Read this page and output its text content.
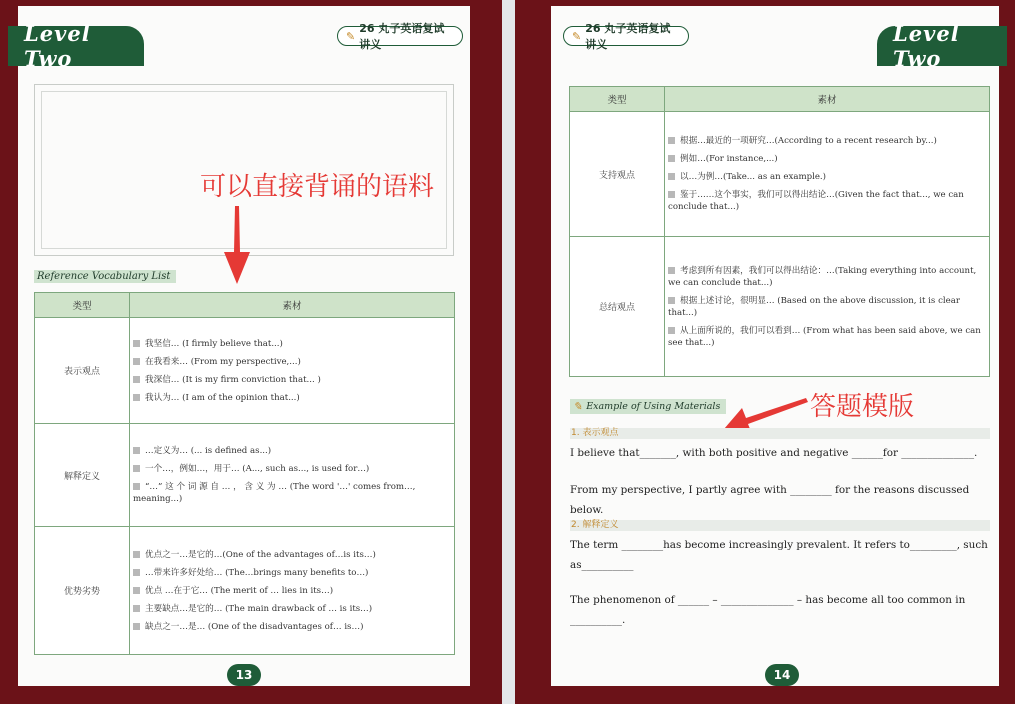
Level Two
✎
26 丸子英语复试讲义
13
✎
26 丸子英语复试讲义	Level Two
14
可以直接背诵的语料
Reference Vocabulary List
类型	素材
表示观点	我坚信… (I firmly believe that...)
在我看来… (From my perspective,...)
我深信… (It is my firm conviction that... )
我认为… (I am of the opinion that...)

解释定义	…定义为… (... is defined as...)
一个…，例如…，用于… (A..., such as..., is used for…)
“…” 这 个 词 源 自 … ， 含 义 为 … (The word '…' comes from…, meaning...)

优势劣势	优点之一…是它的…(One of the advantages of…is its…)
…带来许多好处给… (The…brings many benefits to…)
优点 …在于它… (The merit of … lies in its…)
主要缺点…是它的… (The main drawback of … is its…)
缺点之一…是… (One of the disadvantages of… is…)
类型	素材
支持观点	根据…最近的一项研究…(According to a recent research by...)
例如…(For instance,...)
以…为例…(Take... as an example.)
鉴于……这个事实，我们可以得出结论…(Given the fact that..., we can conclude that...)

总结观点	考虑到所有因素，我们可以得出结论：…(Taking everything into account, we can conclude that...)
根据上述讨论，很明显… (Based on the above discussion, it is clear that...)
从上面所说的，我们可以看到… (From what has been said above, we can see that...)
答题模版
✎ Example of Using Materials
1. 表示观点
I believe that_______, with both positive and negative ______for ______________.
From my perspective, I partly agree with ________ for the reasons discussed below.
2. 解释定义
The term ________has become increasingly prevalent. It refers to_________, such as__________
The phenomenon of ______ – ______________ – has become all too common in __________.
